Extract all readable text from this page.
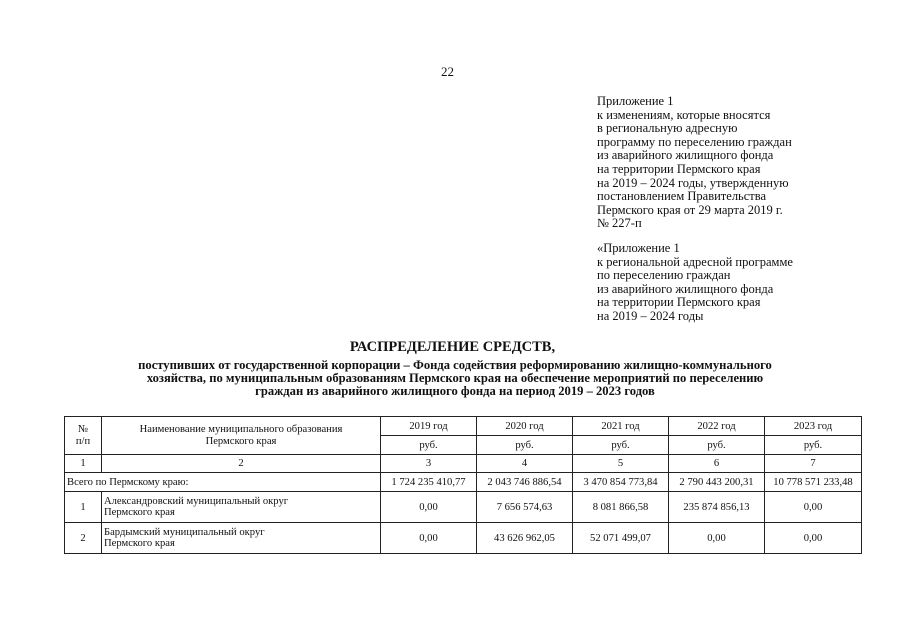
22
Приложение 1
к изменениям, которые вносятся
в региональную адресную
программу по переселению граждан
из аварийного жилищного фонда
на территории Пермского края
на 2019 – 2024 годы, утвержденную
постановлением Правительства
Пермского края от 29 марта 2019 г.
№ 227-п
«Приложение 1
к региональной адресной программе
по переселению граждан
из аварийного жилищного фонда
на территории Пермского края
на 2019 – 2024 годы
РАСПРЕДЕЛЕНИЕ СРЕДСТВ,
поступивших от государственной корпорации – Фонда содействия реформированию жилищно-коммунального
хозяйства, по муниципальным образованиям Пермского края на обеспечение мероприятий по переселению
граждан из аварийного жилищного фонда на период 2019 – 2023 годов
№
п/п	Наименование муниципального образования
Пермского края	2019 год	2020 год	2021 год	2022 год	2023 год
		руб.	руб.	руб.	руб.	руб.
1	2	3	4	5	6	7
Всего по Пермскому краю:		1 724 235 410,77	2 043 746 886,54	3 470 854 773,84	2 790 443 200,31	10 778 571 233,48
1	Александровский муниципальный округ
Пермского края	0,00	7 656 574,63	8 081 866,58	235 874 856,13	0,00
2	Бардымский муниципальный округ
Пермского края	0,00	43 626 962,05	52 071 499,07	0,00	0,00
